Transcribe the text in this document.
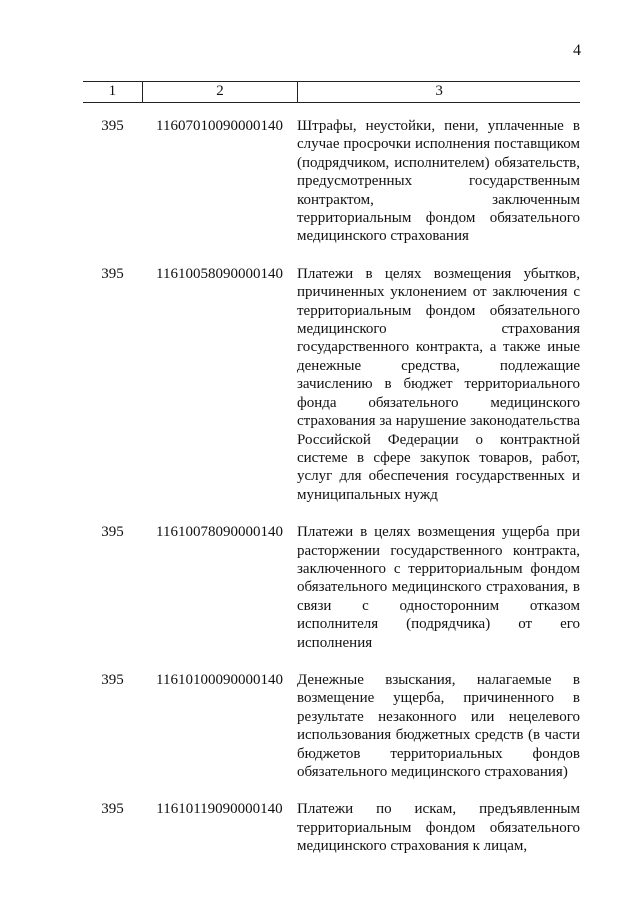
4
1	2	3
395	11607010090000140 Штрафы, неустойки, пени, уплаченные в случае просрочки исполнения поставщиком (подрядчиком, исполнителем) обязательств, предусмотренных государственным контрактом, заключенным территориальным фондом обязательного медицинского страхования
395	11610058090000140 Платежи в целях возмещения убытков, причиненных уклонением от заключения с территориальным фондом обязательного медицинского страхования государственного контракта, а также иные денежные средства, подлежащие зачислению в бюджет территориального фонда обязательного медицинского страхования за нарушение законодательства Российской Федерации о контрактной системе в сфере закупок товаров, работ, услуг для обеспечения государственных и муниципальных нужд
395	11610078090000140 Платежи в целях возмещения ущерба при расторжении государственного контракта, заключенного с территориальным фондом обязательного медицинского страхования, в связи с односторонним отказом исполнителя (подрядчика) от его исполнения
395	11610100090000140 Денежные взыскания, налагаемые в возмещение ущерба, причиненного в результате незаконного или нецелевого использования бюджетных средств (в части бюджетов территориальных фондов обязательного медицинского страхования)
395	11610119090000140 Платежи по искам, предъявленным территориальным фондом обязательного медицинского страхования к лицам,
